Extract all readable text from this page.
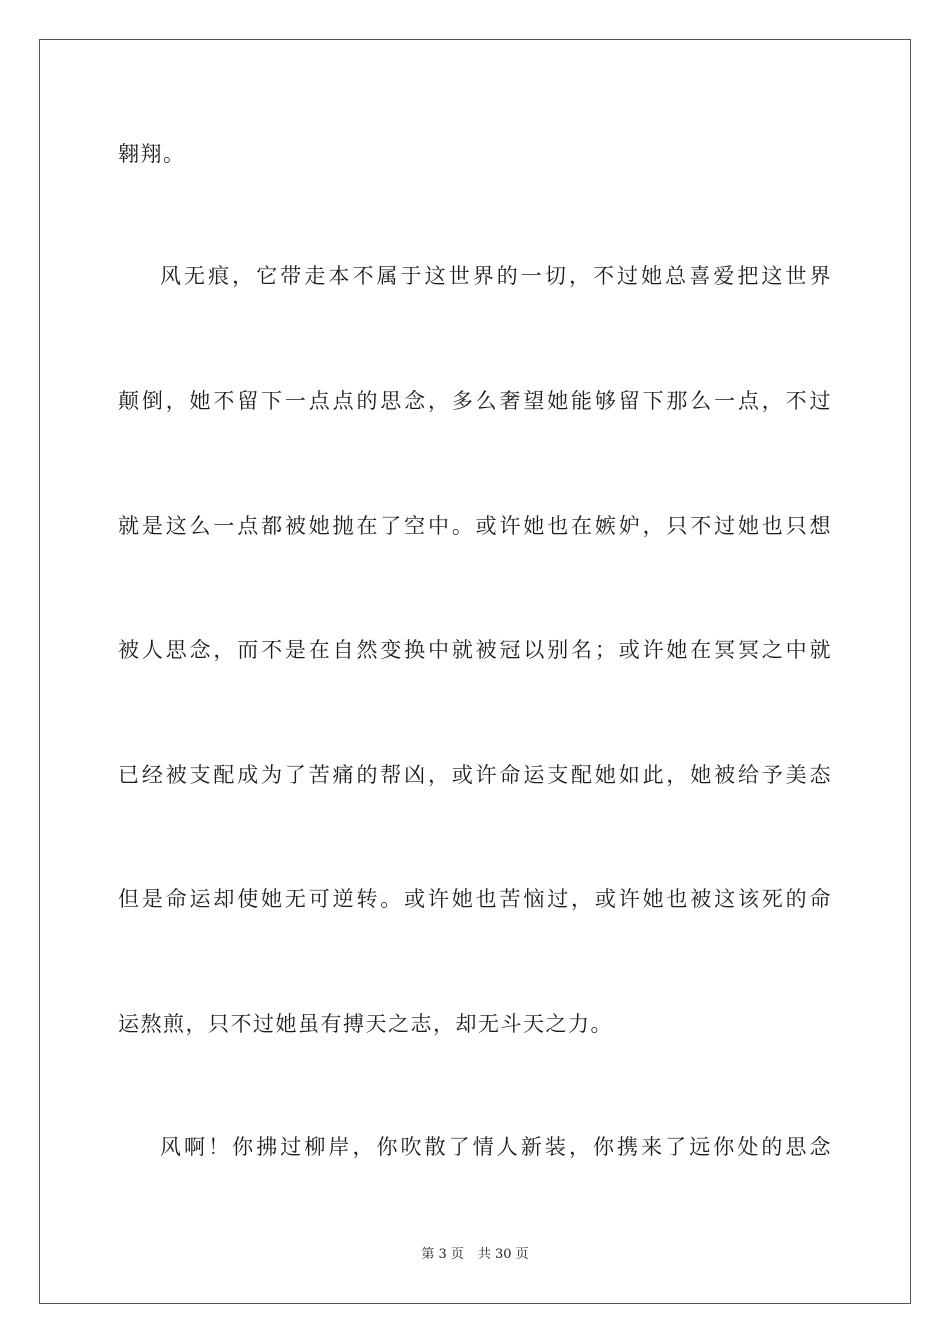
翱翔。
风无痕，它带走本不属于这世界的一切，不过她总喜爱把这世界
颠倒，她不留下一点点的思念，多么奢望她能够留下那么一点，不过
就是这么一点都被她抛在了空中。或许她也在嫉妒，只不过她也只想
被人思念，而不是在自然变换中就被冠以别名；或许她在冥冥之中就
已经被支配成为了苦痛的帮凶，或许命运支配她如此，她被给予美态
但是命运却使她无可逆转。或许她也苦恼过，或许她也被这该死的命
运熬煎，只不过她虽有搏天之志，却无斗天之力。
风啊！你拂过柳岸，你吹散了情人新装，你携来了远你处的思念
第 3 页 共 30 页
